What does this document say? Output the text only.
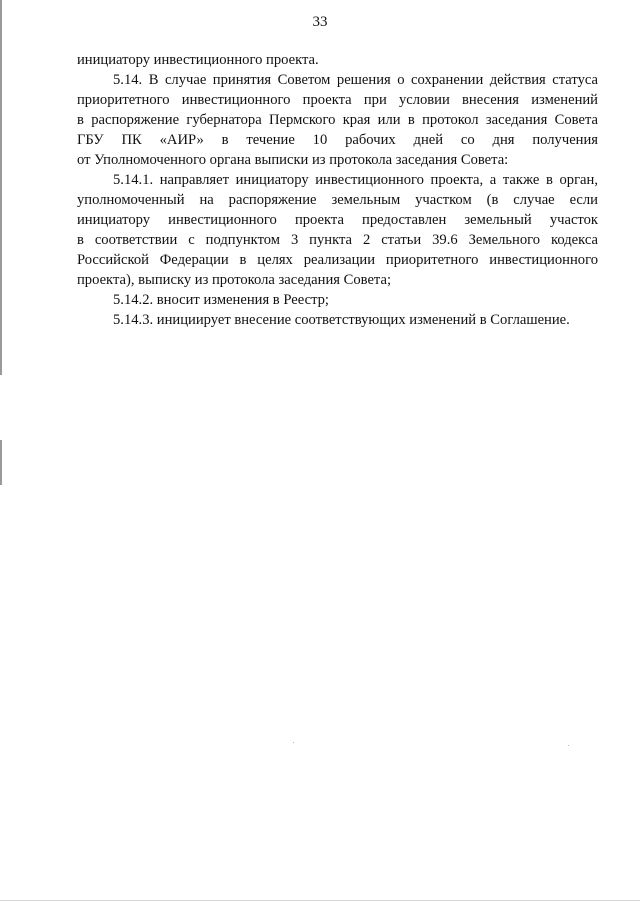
33
инициатору инвестиционного проекта.
5.14. В случае принятия Советом решения о сохранении действия статуса
приоритетного инвестиционного проекта при условии внесения изменений
в распоряжение губернатора Пермского края или в протокол заседания Совета
ГБУ ПК «АИР» в течение 10 рабочих дней со дня получения
от Уполномоченного органа выписки из протокола заседания Совета:
5.14.1. направляет инициатору инвестиционного проекта, а также в орган,
уполномоченный на распоряжение земельным участком (в случае если
инициатору инвестиционного проекта предоставлен земельный участок
в соответствии с подпунктом 3 пункта 2 статьи 39.6 Земельного кодекса
Российской Федерации в целях реализации приоритетного инвестиционного
проекта), выписку из протокола заседания Совета;
5.14.2. вносит изменения в Реестр;
5.14.3. инициирует внесение соответствующих изменений в Соглашение.
